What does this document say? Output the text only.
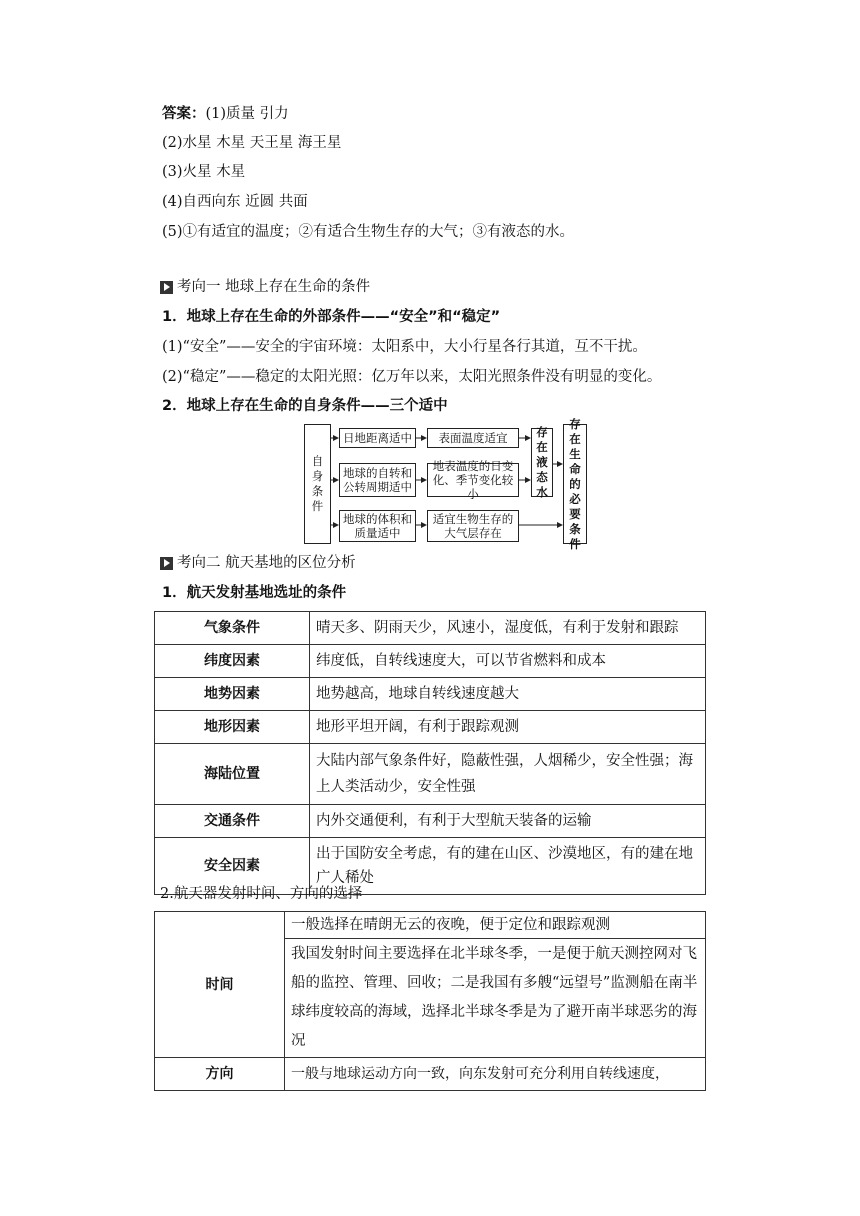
答案：(1)质量 引力
(2)水星 木星 天王星 海王星
(3)火星 木星
(4)自西向东 近圆 共面
(5)①有适宜的温度；②有适合生物生存的大气；③有液态的水。
考向一 地球上存在生命的条件
1．地球上存在生命的外部条件——“安全”和“稳定”
(1)“安全”——安全的宇宙环境：太阳系中，大小行星各行其道，互不干扰。
(2)“稳定”——稳定的太阳光照：亿万年以来，太阳光照条件没有明显的变化。
2．地球上存在生命的自身条件——三个适中
自
身
条
件
日地距离适中	表面温度适宜
地球的自转和公转周期适中
地表温度的日变化、季节变化较小
地球的体积和质量适中
适宜生物生存的大气层存在
存
在
液
态
水
存
在
生
命
的
必
要
条
件
考向二 航天基地的区位分析
1．航天发射基地选址的条件
气象条件	晴天多、阴雨天少，风速小，湿度低，有利于发射和跟踪
纬度因素	纬度低，自转线速度大，可以节省燃料和成本
地势因素	地势越高，地球自转线速度越大
地形因素	地形平坦开阔，有利于跟踪观测
海陆位置	大陆内部气象条件好，隐蔽性强，人烟稀少，安全性强；海上人类活动少，安全性强
交通条件	内外交通便利，有利于大型航天装备的运输
安全因素	出于国防安全考虑，有的建在山区、沙漠地区，有的建在地广人稀处
2.航天器发射时间、方向的选择
时间	一般选择在晴朗无云的夜晚，便于定位和跟踪观测
	我国发射时间主要选择在北半球冬季，一是便于航天测控网对飞船的监控、管理、回收；二是我国有多艘“远望号”监测船在南半球纬度较高的海域，选择北半球冬季是为了避开南半球恶劣的海况
方向	一般与地球运动方向一致，向东发射可充分利用自转线速度，
